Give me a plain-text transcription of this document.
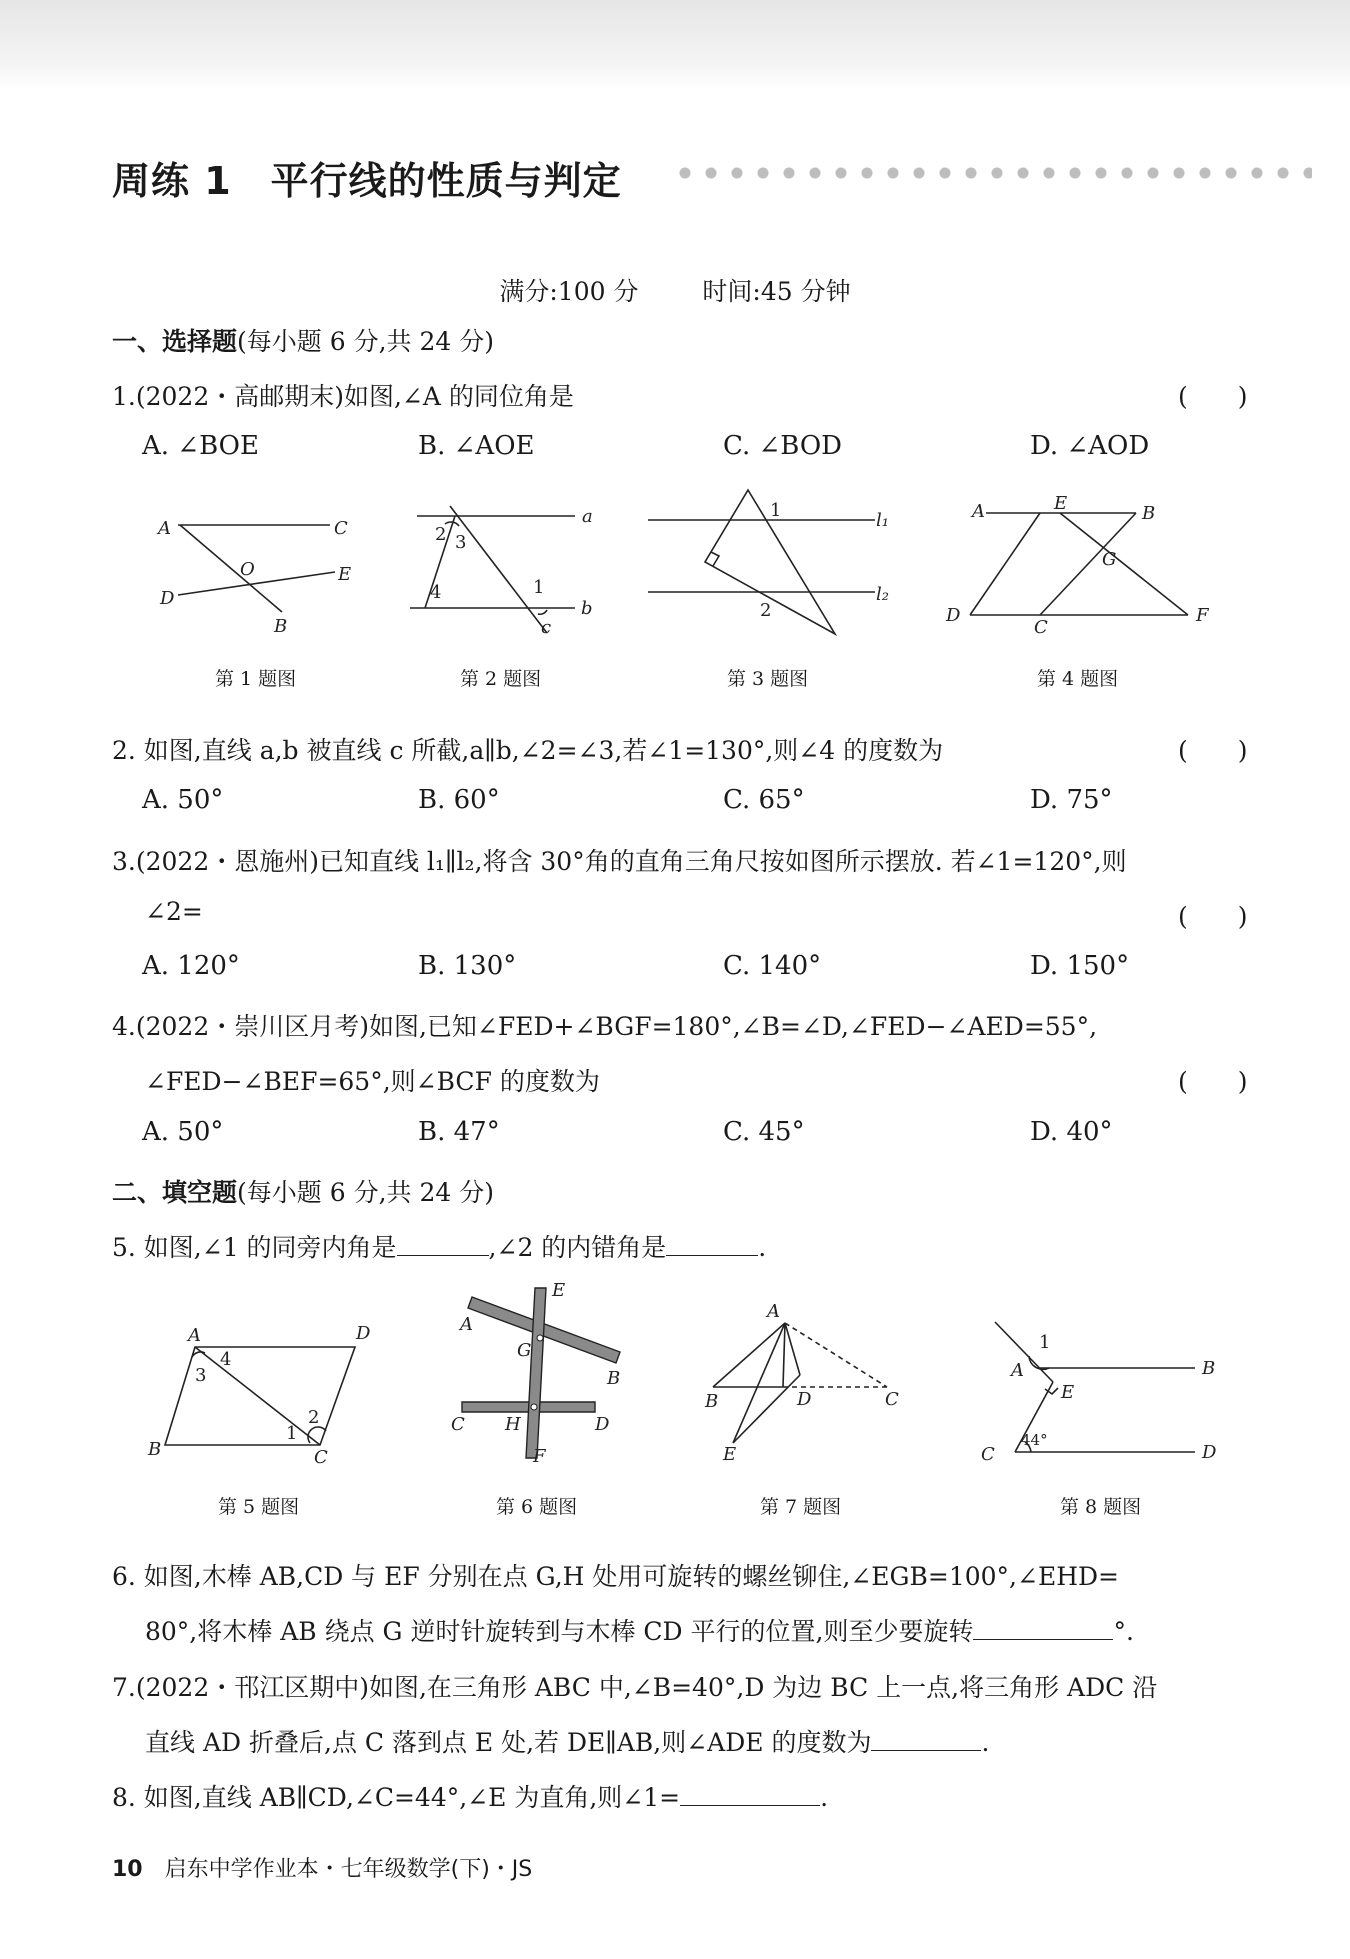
周练 1　平行线的性质与判定
满分:100 分	时间:45 分钟
一、选择题(每小题 6 分,共 24 分)
1.(2022・高邮期末)如图,∠A 的同位角是	(　　)
A. ∠BOE	B. ∠AOE	C. ∠BOD	D. ∠AOD
A	C
O	E
D
B
a
2 3
4	1
b
c
1	l₁
2
l₂
A	E	B
G
D
C
F
第 1 题图	第 2 题图	第 3 题图	第 4 题图
2. 如图,直线 a,b 被直线 c 所截,a∥b,∠2=∠3,若∠1=130°,则∠4 的度数为	(　　)
A. 50°	B. 60°	C. 65°	D. 75°
3.(2022・恩施州)已知直线 l₁∥l₂,将含 30°角的直角三角尺按如图所示摆放. 若∠1=120°,则
∠2=	(　　)
A. 120°	B. 130°	C. 140°	D. 150°
4.(2022・崇川区月考)如图,已知∠FED+∠BGF=180°,∠B=∠D,∠FED−∠AED=55°,
∠FED−∠BEF=65°,则∠BCF 的度数为	(　　)
A. 50°	B. 47°	C. 45°	D. 40°
二、填空题(每小题 6 分,共 24 分)
5. 如图,∠1 的同旁内角是	,∠2 的内错角是	.
A
4
D
3
2
1
B	C
E
A
G
B
C H	D
F
A
B	D	C
E
1
A	B
E
C
44°
D
第 5 题图	第 6 题图	第 7 题图	第 8 题图
6. 如图,木棒 AB,CD 与 EF 分别在点 G,H 处用可旋转的螺丝铆住,∠EGB=100°,∠EHD=
80°,将木棒 AB 绕点 G 逆时针旋转到与木棒 CD 平行的位置,则至少要旋转	°.
7.(2022・邗江区期中)如图,在三角形 ABC 中,∠B=40°,D 为边 BC 上一点,将三角形 ADC 沿
直线 AD 折叠后,点 C 落到点 E 处,若 DE∥AB,则∠ADE 的度数为	.
8. 如图,直线 AB∥CD,∠C=44°,∠E 为直角,则∠1=	.
10 启东中学作业本・七年级数学(下)・JS
